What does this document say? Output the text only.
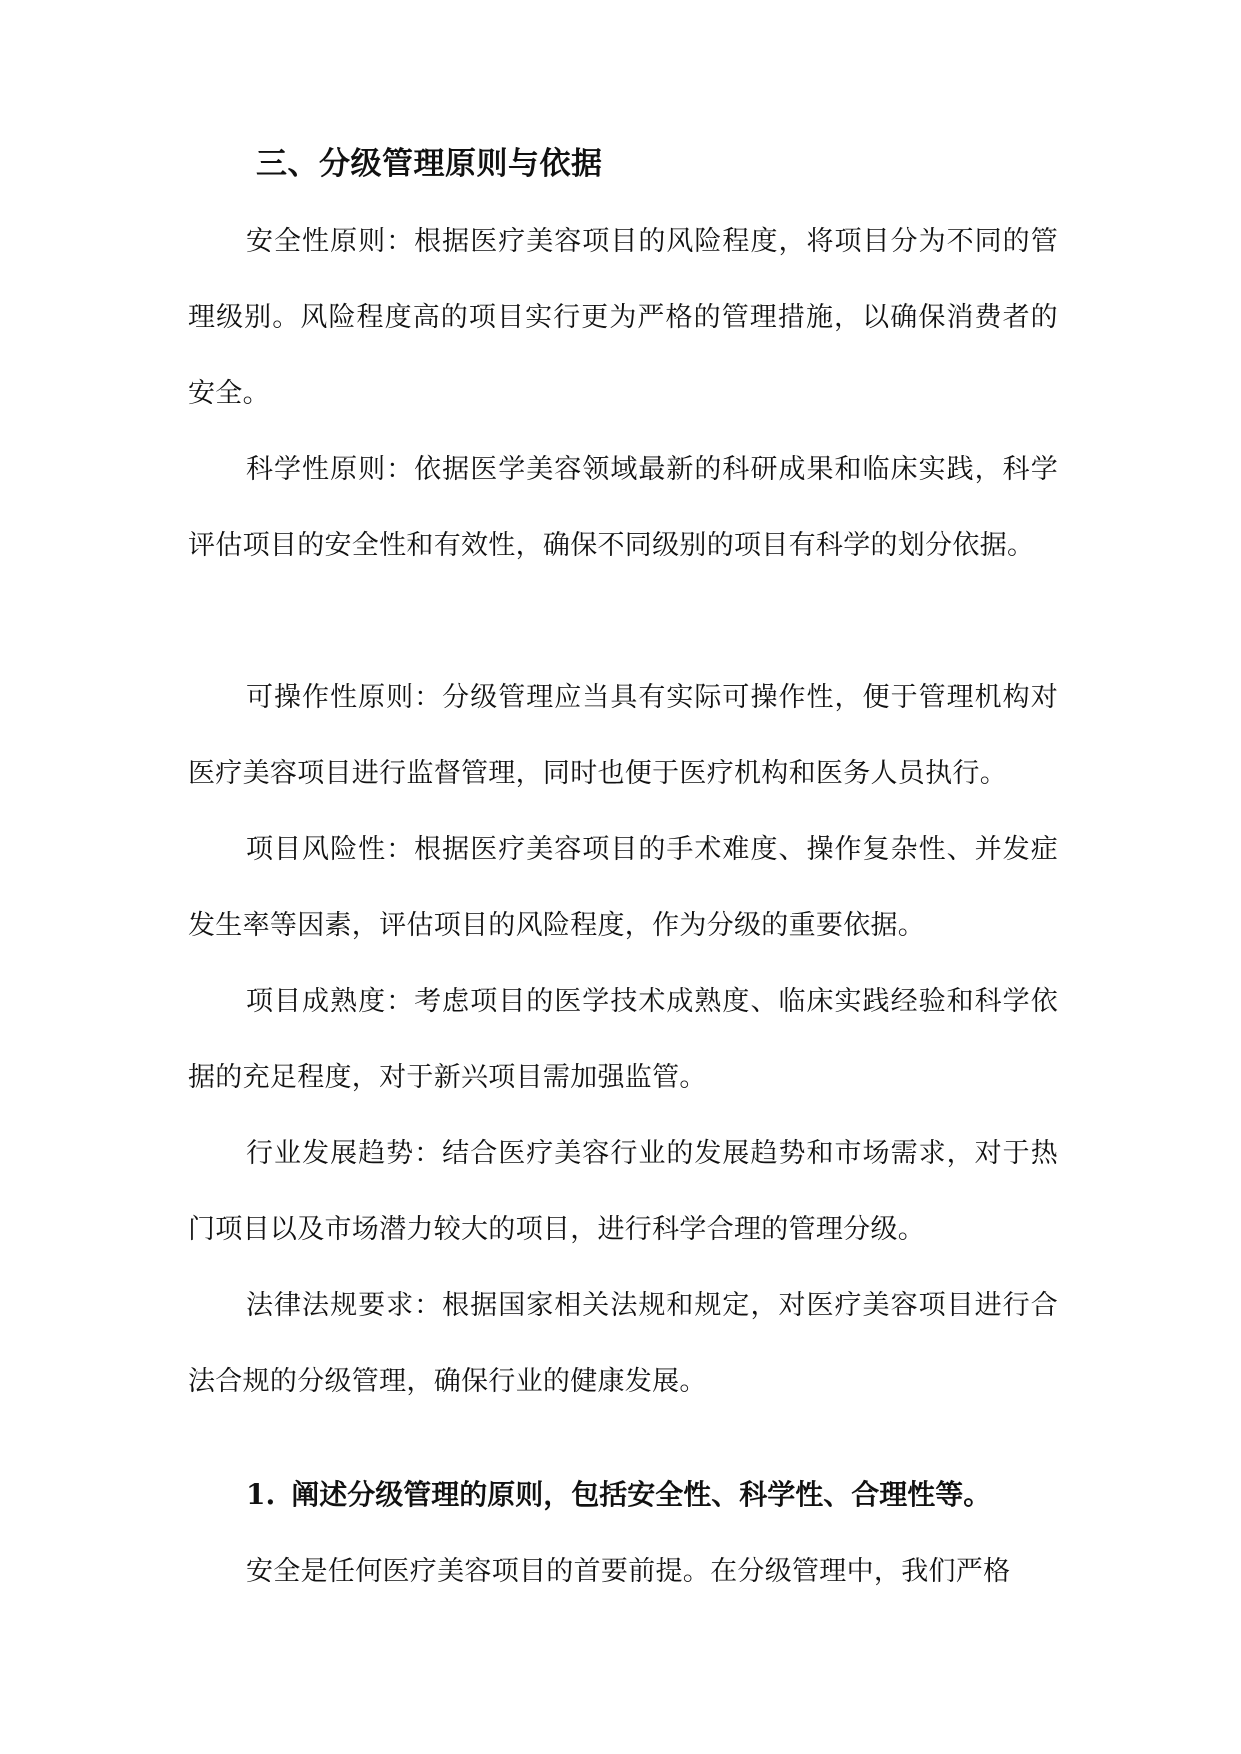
三、分级管理原则与依据

安全性原则：根据医疗美容项目的风险程度，将项目分为不同的管理级别。风险程度高的项目实行更为严格的管理措施，以确保消费者的安全。

科学性原则：依据医学美容领域最新的科研成果和临床实践，科学评估项目的安全性和有效性，确保不同级别的项目有科学的划分依据。

可操作性原则：分级管理应当具有实际可操作性，便于管理机构对医疗美容项目进行监督管理，同时也便于医疗机构和医务人员执行。

项目风险性：根据医疗美容项目的手术难度、操作复杂性、并发症发生率等因素，评估项目的风险程度，作为分级的重要依据。

项目成熟度：考虑项目的医学技术成熟度、临床实践经验和科学依据的充足程度，对于新兴项目需加强监管。

行业发展趋势：结合医疗美容行业的发展趋势和市场需求，对于热门项目以及市场潜力较大的项目，进行科学合理的管理分级。

法律法规要求：根据国家相关法规和规定，对医疗美容项目进行合法合规的分级管理，确保行业的健康发展。

1. 阐述分级管理的原则，包括安全性、科学性、合理性等。

安全是任何医疗美容项目的首要前提。在分级管理中，我们严格
